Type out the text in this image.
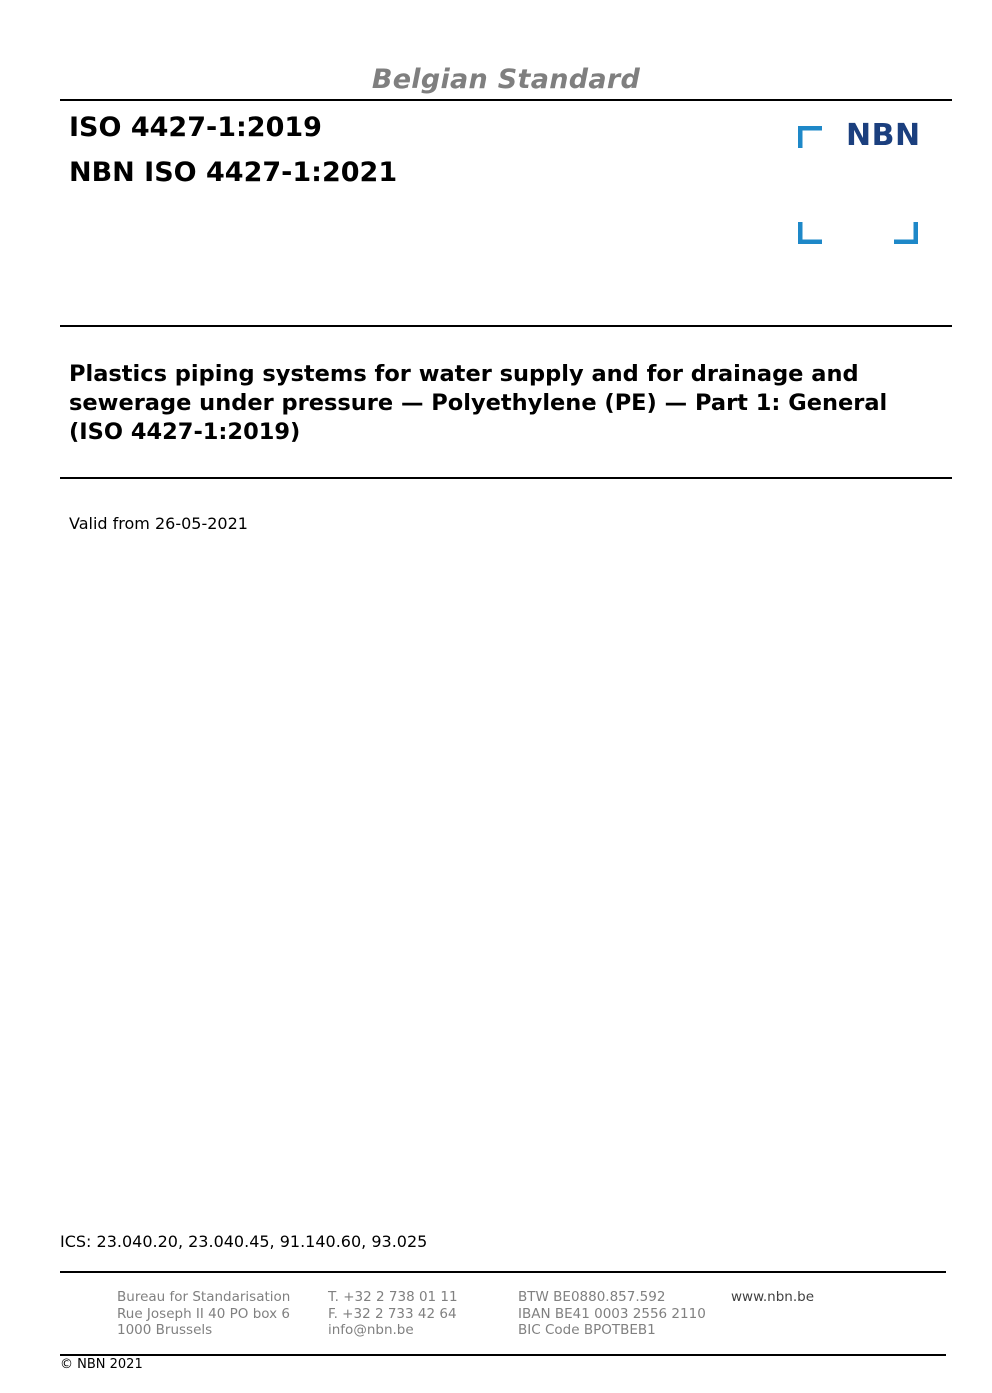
Belgian Standard
ISO 4427-1:2019
NBN ISO 4427-1:2021
NBN
Plastics piping systems for water supply and for drainage and
sewerage under pressure — Polyethylene (PE) — Part 1: General
(ISO 4427-1:2019)
Valid from 26-05-2021
ICS: 23.040.20, 23.040.45, 91.140.60, 93.025
Bureau for Standarisation
Rue Joseph II 40 PO box 6
1000 Brussels
T. +32 2 738 01 11
F. +32 2 733 42 64
info@nbn.be
BTW BE0880.857.592
IBAN BE41 0003 2556 2110
BIC Code BPOTBEB1
www.nbn.be
© NBN 2021
